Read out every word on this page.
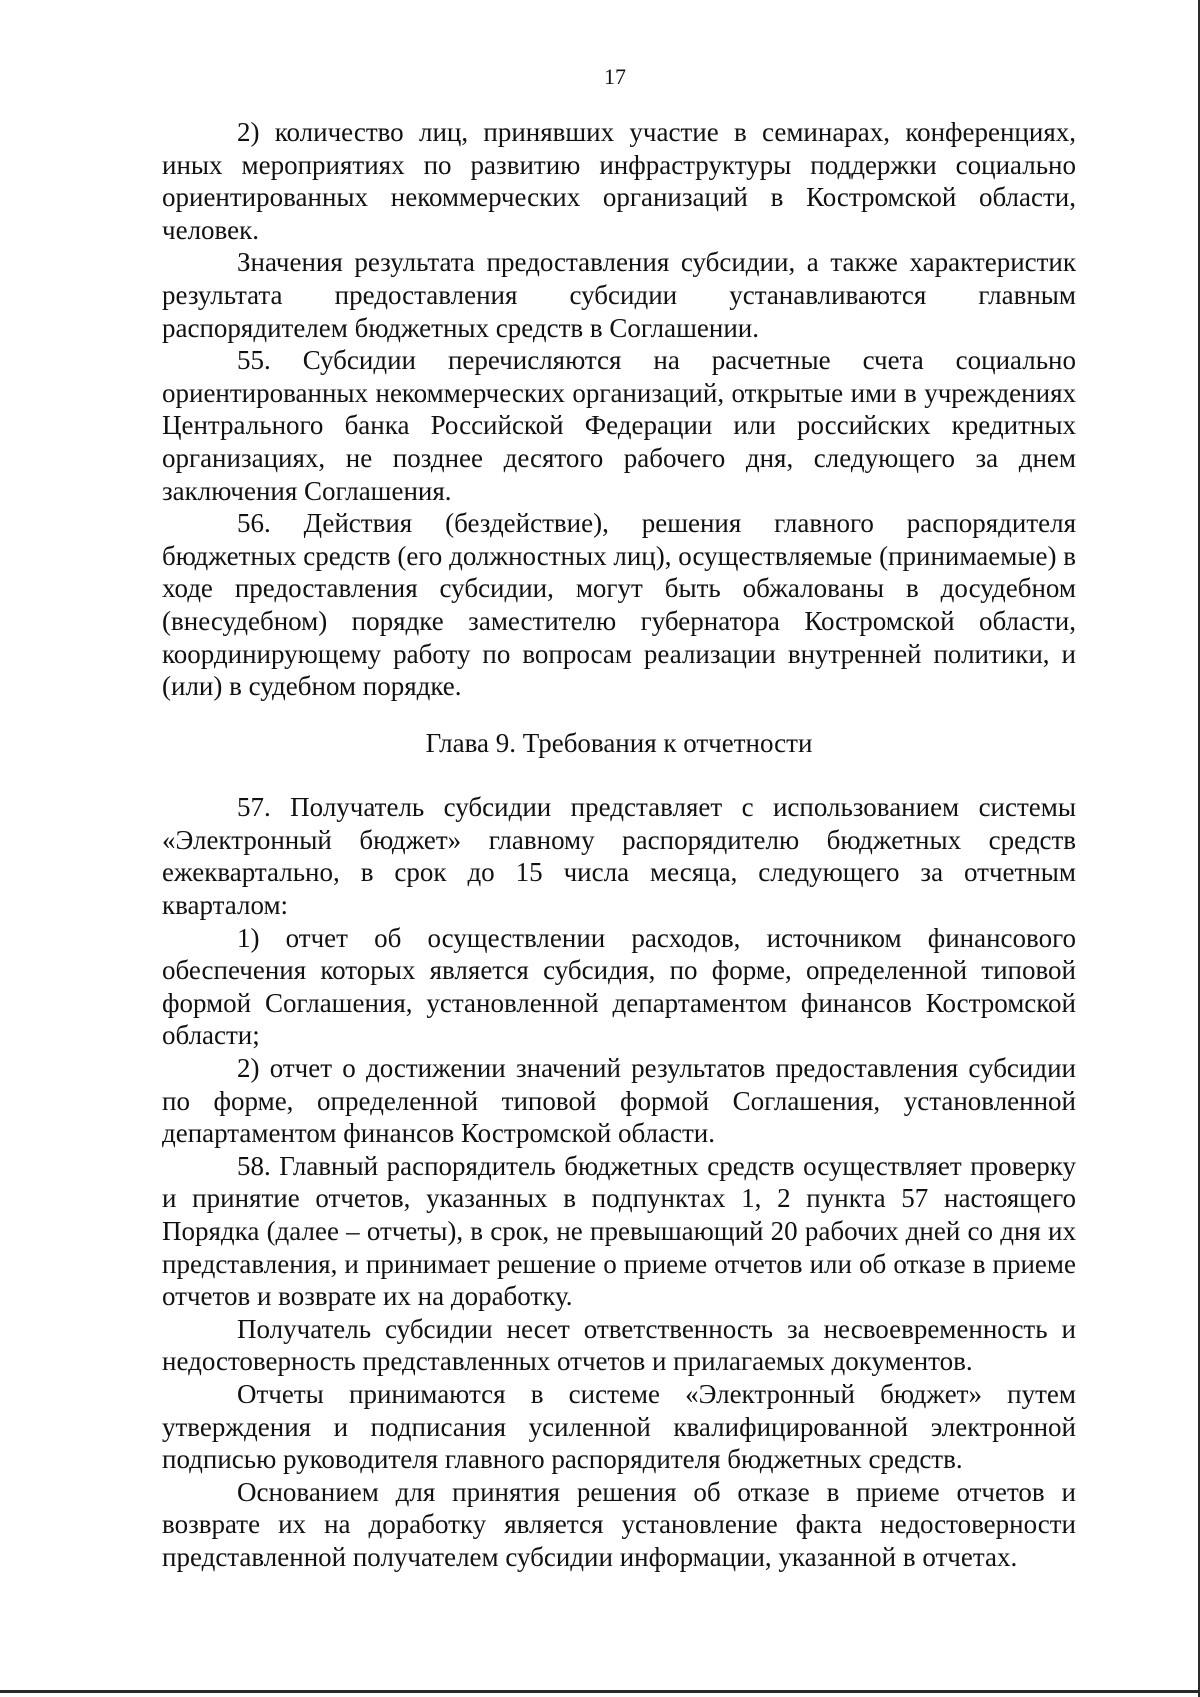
17

2) количество лиц, принявших участие в семинарах, конференциях, иных мероприятиях по развитию инфраструктуры поддержки социально ориентированных некоммерческих организаций в Костромской области, человек.

Значения результата предоставления субсидии, а также характеристик результата предоставления субсидии устанавливаются главным распорядителем бюджетных средств в Соглашении.

55. Субсидии перечисляются на расчетные счета социально ориентированных некоммерческих организаций, открытые ими в учреждениях Центрального банка Российской Федерации или российских кредитных организациях, не позднее десятого рабочего дня, следующего за днем заключения Соглашения.

56. Действия (бездействие), решения главного распорядителя бюджетных средств (его должностных лиц), осуществляемые (принимаемые) в ходе предоставления субсидии, могут быть обжалованы в досудебном (внесудебном) порядке заместителю губернатора Костромской области, координирующему работу по вопросам реализации внутренней политики, и (или) в судебном порядке.

Глава 9. Требования к отчетности

57. Получатель субсидии представляет с использованием системы «Электронный бюджет» главному распорядителю бюджетных средств ежеквартально, в срок до 15 числа месяца, следующего за отчетным кварталом:

1) отчет об осуществлении расходов, источником финансового обеспечения которых является субсидия, по форме, определенной типовой формой Соглашения, установленной департаментом финансов Костромской области;

2) отчет о достижении значений результатов предоставления субсидии по форме, определенной типовой формой Соглашения, установленной департаментом финансов Костромской области.

58. Главный распорядитель бюджетных средств осуществляет проверку и принятие отчетов, указанных в подпунктах 1, 2 пункта 57 настоящего Порядка (далее – отчеты), в срок, не превышающий 20 рабочих дней со дня их представления, и принимает решение о приеме отчетов или об отказе в приеме отчетов и возврате их на доработку.

Получатель субсидии несет ответственность за несвоевременность и недостоверность представленных отчетов и прилагаемых документов.

Отчеты принимаются в системе «Электронный бюджет» путем утверждения и подписания усиленной квалифицированной электронной подписью руководителя главного распорядителя бюджетных средств.

Основанием для принятия решения об отказе в приеме отчетов и возврате их на доработку является установление факта недостоверности представленной получателем субсидии информации, указанной в отчетах.
